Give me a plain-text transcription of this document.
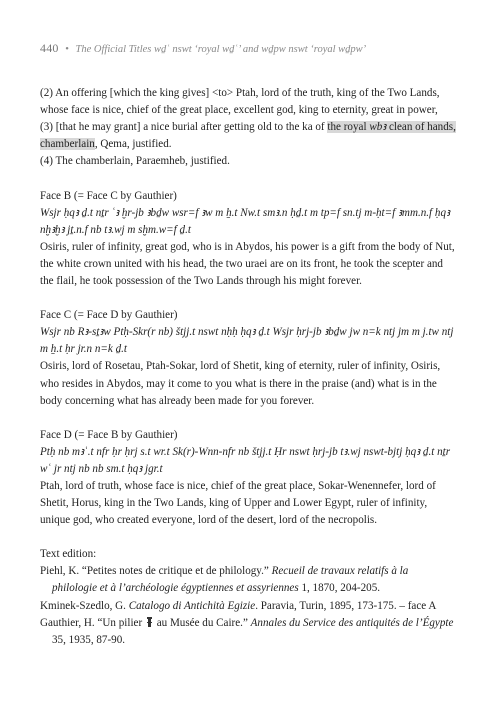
440 • The Official Titles wḏʿ nswt ‘royal wḏʿ’ and wḏpw nswt ‘royal wḏpw’

(2) An offering [which the king gives] <to> Ptah, lord of the truth, king of the Two Lands, whose face is nice, chief of the great place, excellent god, king to eternity, great in power,

(3) [that he may grant] a nice burial after getting old to the ka of the royal wbꜣ clean of hands, chamberlain, Qema, justified.

(4) The chamberlain, Paraemheb, justified.

Face B (= Face C by Gauthier)

Wsjr ḥqꜣ ḏ.t nṯr ʿꜣ ḫr-jb ꜣbḏw wsr=f ꜣw m ẖ.t Nw.t smꜣ.n ḥḏ.t m tp=f sn.tj m-ḥt=f ꜣmm.n.f ḥqꜣ nḫꜣḫꜣ jṯ.n.f nb tꜣ.wj m sḫm.w=f ḏ.t

Osiris, ruler of infinity, great god, who is in Abydos, his power is a gift from the body of Nut, the white crown united with his head, the two uraei are on its front, he took the scepter and the flail, he took possession of the Two Lands through his might forever.

Face C (= Face D by Gauthier)

Wsjr nb Rꜣ-sṯꜣw Ptḥ-Skr(r nb) štjj.t nswt nḥḥ ḥqꜣ ḏ.t Wsjr ḥrj-jb ꜣbḏw jw n=k ntj jm m j.tw ntj m ẖ.t ḥr jr.n n=k ḏ.t

Osiris, lord of Rosetau, Ptah-Sokar, lord of Shetit, king of eternity, ruler of infinity, Osiris, who resides in Abydos, may it come to you what is there in the praise (and) what is in the body concerning what has already been made for you forever.

Face D (= Face B by Gauthier)

Ptḥ nb mꜣʿ.t nfr ḥr ḥrj s.t wr.t Sk(r)-Wnn-nfr nb štjj.t Ḥr nswt ḥrj-jb tꜣ.wj nswt-bjtj ḥqꜣ ḏ.t nṯr wʿ jr ntj nb nb sm.t ḥqꜣ jgr.t

Ptah, lord of truth, whose face is nice, chief of the great place, Sokar-Wenennefer, lord of Shetit, Horus, king in the Two Lands, king of Upper and Lower Egypt, ruler of infinity, unique god, who created everyone, lord of the desert, lord of the necropolis.

Text edition:

Piehl, K. “Petites notes de critique et de philology.” Recueil de travaux relatifs à la philologie et à l’archéologie égyptiennes et assyriennes 1, 1870, 204-205.

Kminek-Szedlo, G. Catalogo di Antichità Egizie. Paravia, Turin, 1895, 173-175. – face A

Gauthier, H. “Un pilier  au Musée du Caire.” Annales du Service des antiquités de l’Égypte 35, 1935, 87-90.
